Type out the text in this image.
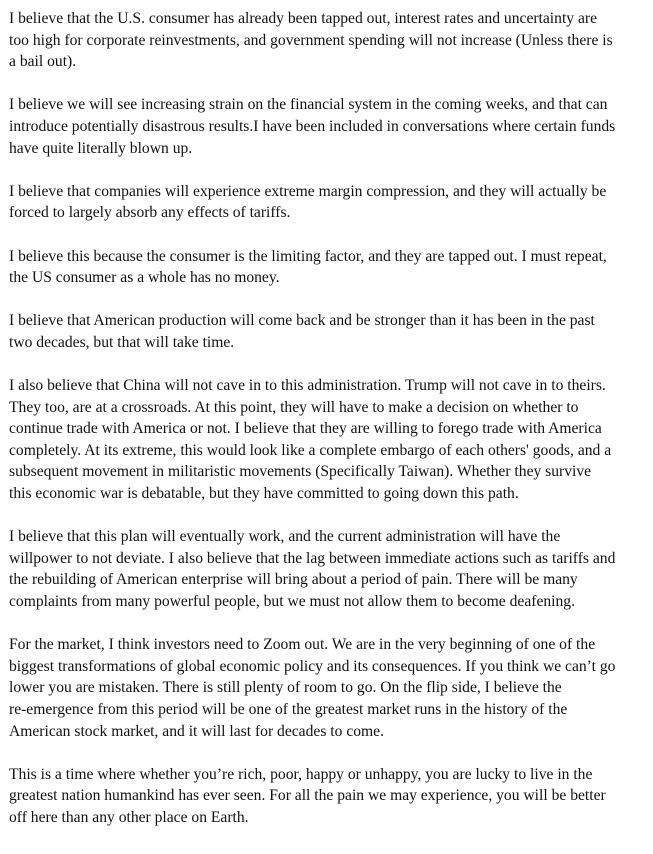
I believe that the U.S. consumer has already been tapped out, interest rates and uncertainty are
too high for corporate reinvestments, and government spending will not increase (Unless there is
a bail out).

I believe we will see increasing strain on the financial system in the coming weeks, and that can
introduce potentially disastrous results.I have been included in conversations where certain funds
have quite literally blown up.

I believe that companies will experience extreme margin compression, and they will actually be
forced to largely absorb any effects of tariffs.

I believe this because the consumer is the limiting factor, and they are tapped out. I must repeat,
the US consumer as a whole has no money.

I believe that American production will come back and be stronger than it has been in the past
two decades, but that will take time.

I also believe that China will not cave in to this administration. Trump will not cave in to theirs.
They too, are at a crossroads. At this point, they will have to make a decision on whether to
continue trade with America or not. I believe that they are willing to forego trade with America
completely. At its extreme, this would look like a complete embargo of each others' goods, and a
subsequent movement in militaristic movements (Specifically Taiwan). Whether they survive
this economic war is debatable, but they have committed to going down this path.

I believe that this plan will eventually work, and the current administration will have the
willpower to not deviate. I also believe that the lag between immediate actions such as tariffs and
the rebuilding of American enterprise will bring about a period of pain. There will be many
complaints from many powerful people, but we must not allow them to become deafening.

For the market, I think investors need to Zoom out. We are in the very beginning of one of the
biggest transformations of global economic policy and its consequences. If you think we can’t go
lower you are mistaken. There is still plenty of room to go. On the flip side, I believe the
re-emergence from this period will be one of the greatest market runs in the history of the
American stock market, and it will last for decades to come.

This is a time where whether you’re rich, poor, happy or unhappy, you are lucky to live in the
greatest nation humankind has ever seen. For all the pain we may experience, you will be better
off here than any other place on Earth.
